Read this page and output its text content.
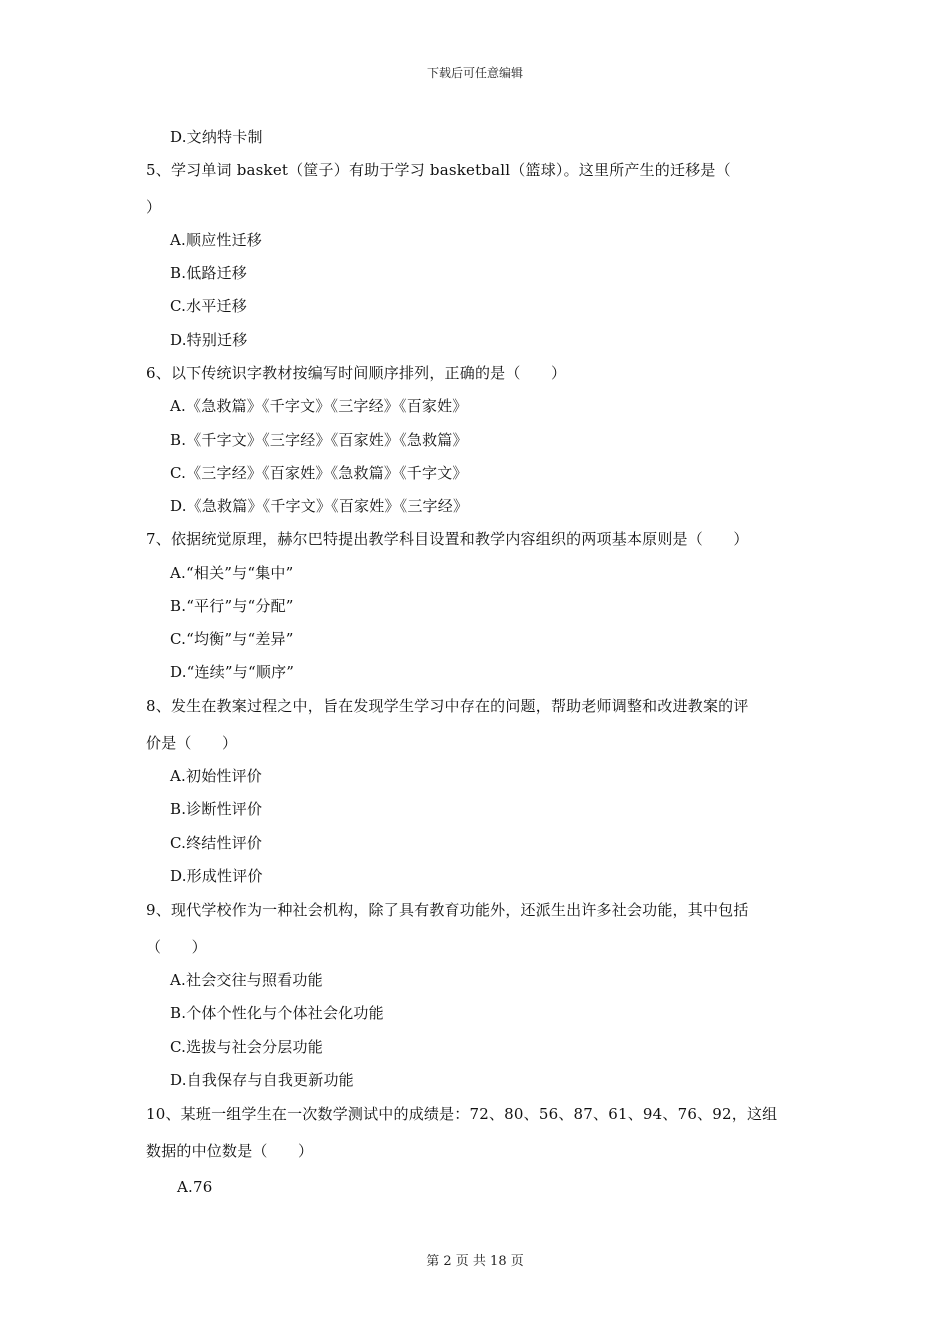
下载后可任意编辑
D.文纳特卡制
5、学习单词 basket（筐子）有助于学习 basketball（篮球）。这里所产生的迁移是（
）
A.顺应性迁移
B.低路迁移
C.水平迁移
D.特别迁移
6、以下传统识字教材按编写时间顺序排列，正确的是（　　）
A.《急救篇》《千字文》《三字经》《百家姓》
B.《千字文》《三字经》《百家姓》《急救篇》
C.《三字经》《百家姓》《急救篇》《千字文》
D.《急救篇》《千字文》《百家姓》《三字经》
7、依据统觉原理，赫尔巴特提出教学科目设置和教学内容组织的两项基本原则是（　　）
A.“相关”与“集中”
B.“平行”与“分配”
C.“均衡”与“差异”
D.“连续”与“顺序”
8、发生在教案过程之中，旨在发现学生学习中存在的问题，帮助老师调整和改进教案的评
价是（　　）
A.初始性评价
B.诊断性评价
C.终结性评价
D.形成性评价
9、现代学校作为一种社会机构，除了具有教育功能外，还派生出许多社会功能，其中包括
（　　）
A.社会交往与照看功能
B.个体个性化与个体社会化功能
C.选拔与社会分层功能
D.自我保存与自我更新功能
10、某班一组学生在一次数学测试中的成绩是：72、80、56、87、61、94、76、92，这组
数据的中位数是（　　）
A.76
第 2 页 共 18 页
